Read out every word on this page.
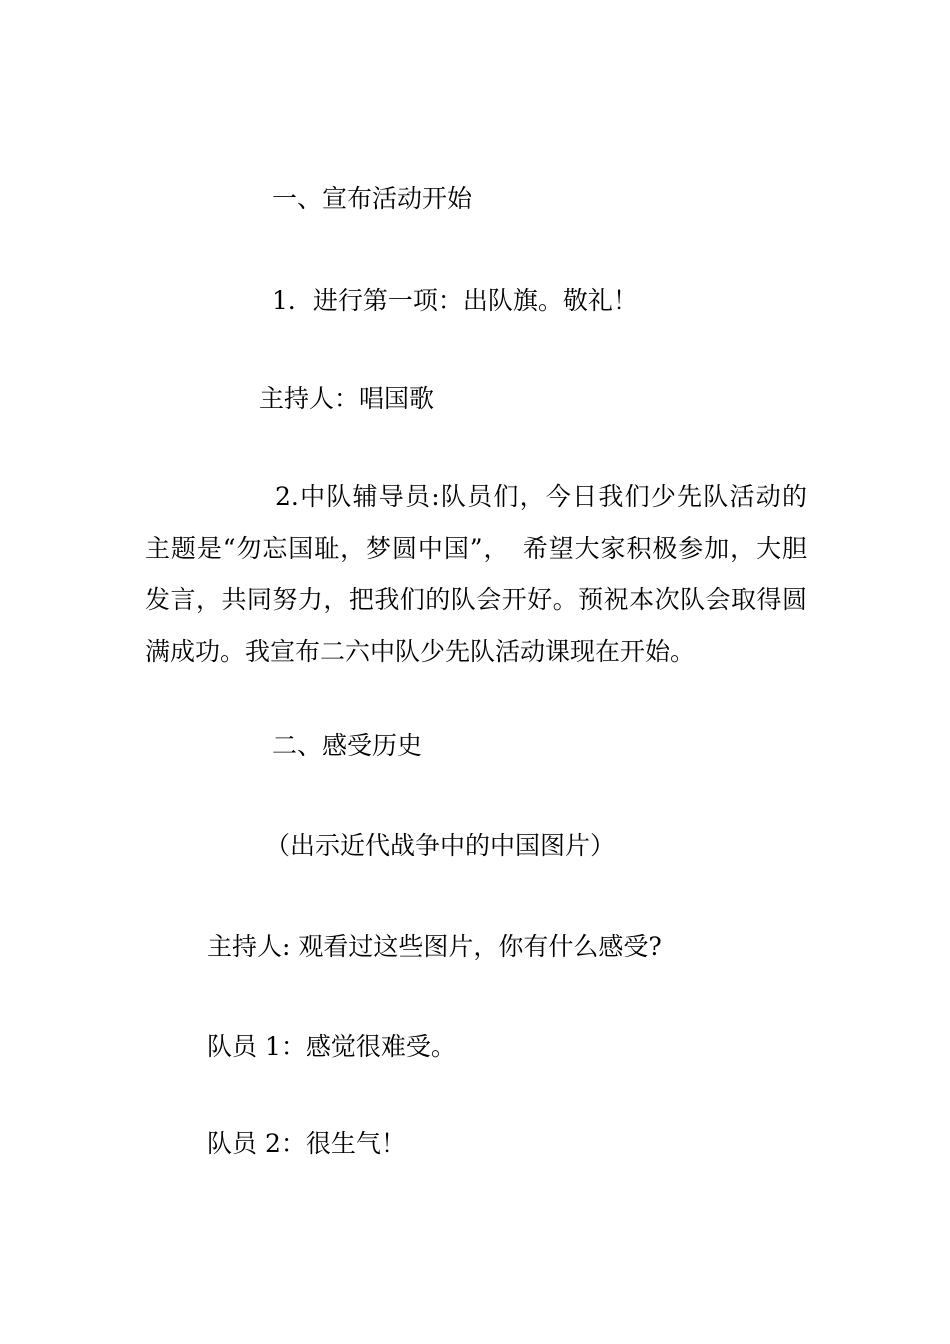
一、宣布活动开始

1．进行第一项：出队旗。敬礼！

主持人：唱国歌

2.中队辅导员:队员们，今日我们少先队活动的主题是“勿忘国耻，梦圆中国”，　希望大家积极参加，大胆发言，共同努力，把我们的队会开好。预祝本次队会取得圆满成功。我宣布二六中队少先队活动课现在开始。

二、感受历史

（出示近代战争中的中国图片）

主持人: 观看过这些图片，你有什么感受?

队员 1：感觉很难受。

队员 2：很生气！
